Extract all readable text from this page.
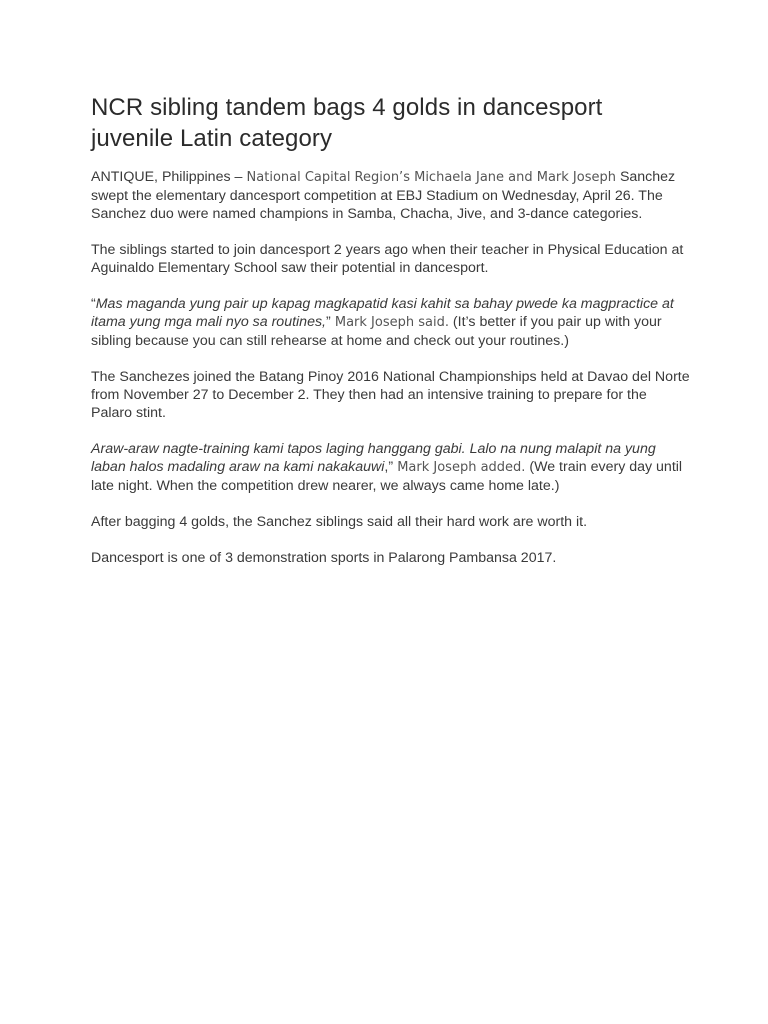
NCR sibling tandem bags 4 golds in dancesport juvenile Latin category

ANTIQUE, Philippines – National Capital Region’s Michaela Jane and Mark Joseph Sanchez swept the elementary dancesport competition at EBJ Stadium on Wednesday, April 26. The Sanchez duo were named champions in Samba, Chacha, Jive, and 3-dance categories.

The siblings started to join dancesport 2 years ago when their teacher in Physical Education at Aguinaldo Elementary School saw their potential in dancesport.

“Mas maganda yung pair up kapag magkapatid kasi kahit sa bahay pwede ka magpractice at itama yung mga mali nyo sa routines,” Mark Joseph said. (It’s better if you pair up with your sibling because you can still rehearse at home and check out your routines.)

The Sanchezes joined the Batang Pinoy 2016 National Championships held at Davao del Norte from November 27 to December 2. They then had an intensive training to prepare for the Palaro stint.

Araw-araw nagte-training kami tapos laging hanggang gabi. Lalo na nung malapit na yung laban halos madaling araw na kami nakakauwi,” Mark Joseph added. (We train every day until late night. When the competition drew nearer, we always came home late.)

After bagging 4 golds, the Sanchez siblings said all their hard work are worth it.

Dancesport is one of 3 demonstration sports in Palarong Pambansa 2017.
